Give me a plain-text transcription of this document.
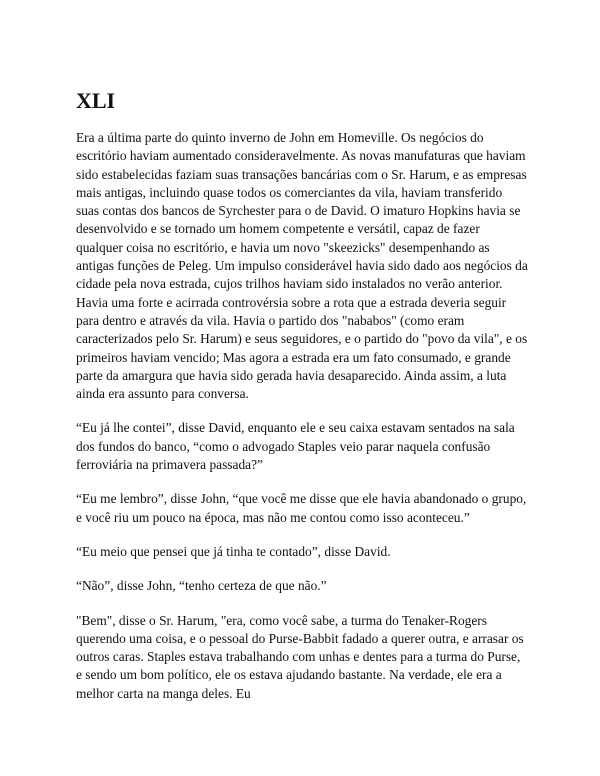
XLI

Era a última parte do quinto inverno de John em Homeville. Os negócios do escritório haviam aumentado consideravelmente. As novas manufaturas que haviam sido estabelecidas faziam suas transações bancárias com o Sr. Harum, e as empresas mais antigas, incluindo quase todos os comerciantes da vila, haviam transferido suas contas dos bancos de Syrchester para o de David. O imaturo Hopkins havia se desenvolvido e se tornado um homem competente e versátil, capaz de fazer qualquer coisa no escritório, e havia um novo "skeezicks" desempenhando as antigas funções de Peleg. Um impulso considerável havia sido dado aos negócios da cidade pela nova estrada, cujos trilhos haviam sido instalados no verão anterior. Havia uma forte e acirrada controvérsia sobre a rota que a estrada deveria seguir para dentro e através da vila. Havia o partido dos "nababos" (como eram caracterizados pelo Sr. Harum) e seus seguidores, e o partido do "povo da vila", e os primeiros haviam vencido; Mas agora a estrada era um fato consumado, e grande parte da amargura que havia sido gerada havia desaparecido. Ainda assim, a luta ainda era assunto para conversa.

“Eu já lhe contei”, disse David, enquanto ele e seu caixa estavam sentados na sala dos fundos do banco, “como o advogado Staples veio parar naquela confusão ferroviária na primavera passada?”

“Eu me lembro”, disse John, “que você me disse que ele havia abandonado o grupo, e você riu um pouco na época, mas não me contou como isso aconteceu.”

“Eu meio que pensei que já tinha te contado”, disse David.

“Não”, disse John, “tenho certeza de que não.”

"Bem", disse o Sr. Harum, "era, como você sabe, a turma do Tenaker-Rogers querendo uma coisa, e o pessoal do Purse-Babbit fadado a querer outra, e arrasar os outros caras. Staples estava trabalhando com unhas e dentes para a turma do Purse, e sendo um bom político, ele os estava ajudando bastante. Na verdade, ele era a melhor carta na manga deles. Eu
